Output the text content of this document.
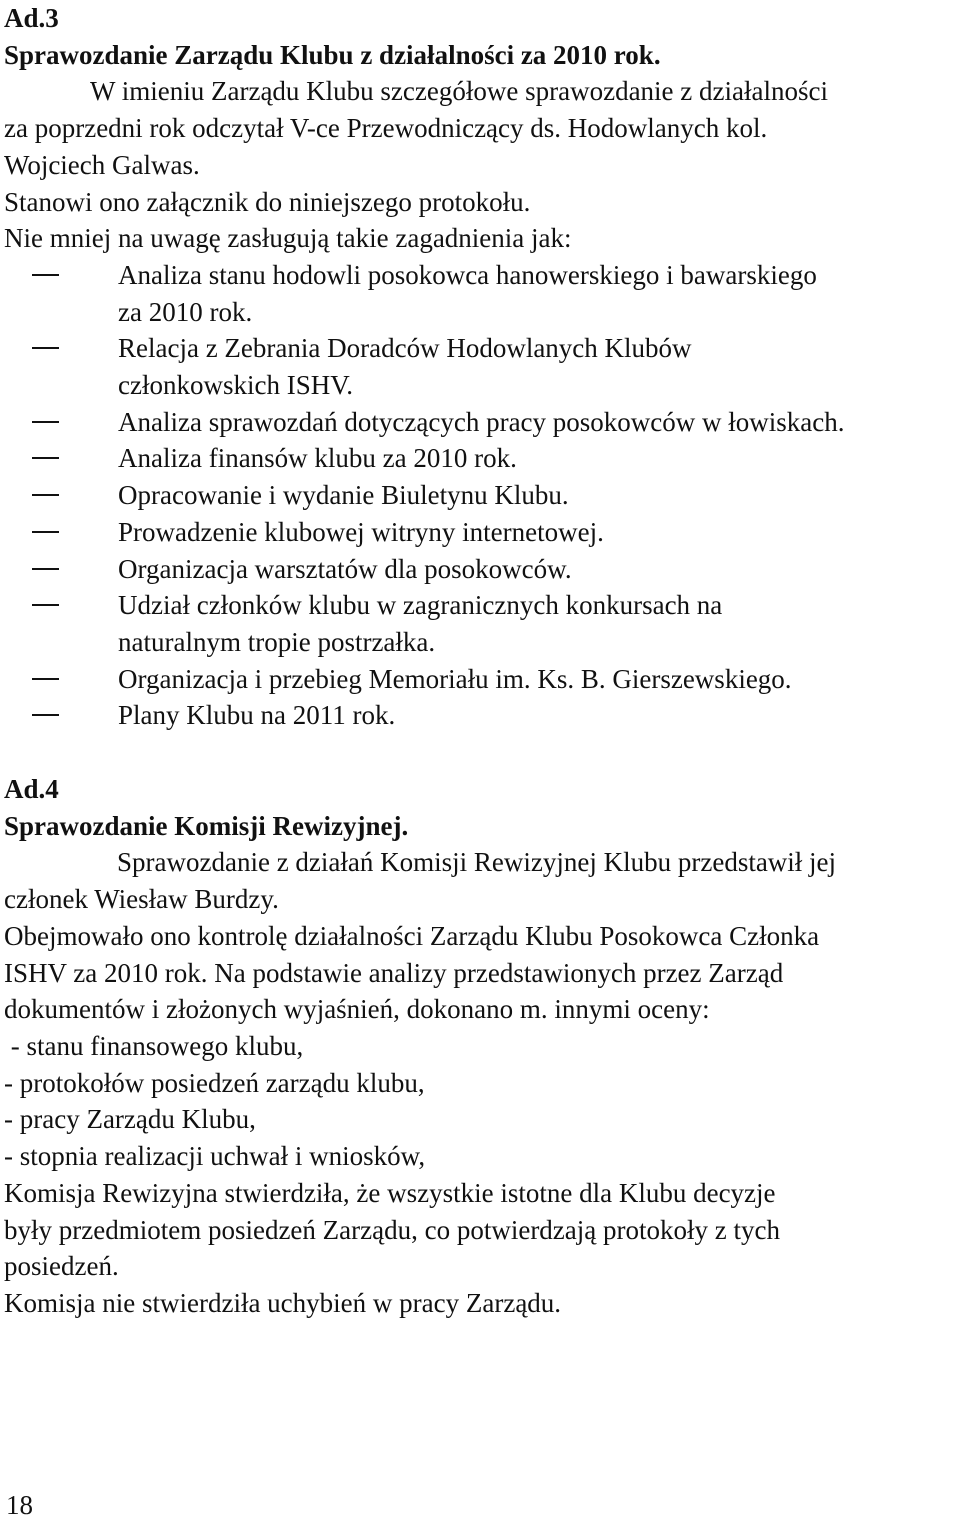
Ad.3
Sprawozdanie Zarządu Klubu z działalności za 2010 rok.
W imieniu Zarządu Klubu szczegółowe sprawozdanie z działalności
za poprzedni rok odczytał V-ce Przewodniczący ds. Hodowlanych kol.
Wojciech Galwas.
Stanowi ono załącznik do niniejszego protokołu.
Nie mniej na uwagę zasługują takie zagadnienia jak:
Analiza stanu hodowli posokowca hanowerskiego i bawarskiego
za 2010 rok.
Relacja z Zebrania Doradców Hodowlanych Klubów
członkowskich ISHV.
Analiza sprawozdań dotyczących pracy posokowców w łowiskach.
Analiza finansów klubu za 2010 rok.
Opracowanie i wydanie Biuletynu Klubu.
Prowadzenie klubowej witryny internetowej.
Organizacja warsztatów dla posokowców.
Udział członków klubu w zagranicznych konkursach na
naturalnym tropie postrzałka.
Organizacja i przebieg Memoriału im. Ks. B. Gierszewskiego.
Plany Klubu na 2011 rok.
Ad.4
Sprawozdanie Komisji Rewizyjnej.
Sprawozdanie z działań Komisji Rewizyjnej Klubu przedstawił jej
członek Wiesław Burdzy.
Obejmowało ono kontrolę działalności Zarządu Klubu Posokowca Członka
ISHV za 2010 rok. Na podstawie analizy przedstawionych przez Zarząd
dokumentów i złożonych wyjaśnień, dokonano m. innymi oceny:
- stanu finansowego klubu,
- protokołów posiedzeń zarządu klubu,
- pracy Zarządu Klubu,
- stopnia realizacji uchwał i wniosków,
Komisja Rewizyjna stwierdziła, że wszystkie istotne dla Klubu decyzje
były przedmiotem posiedzeń Zarządu, co potwierdzają protokoły z tych
posiedzeń.
Komisja nie stwierdziła uchybień w pracy Zarządu.
18
